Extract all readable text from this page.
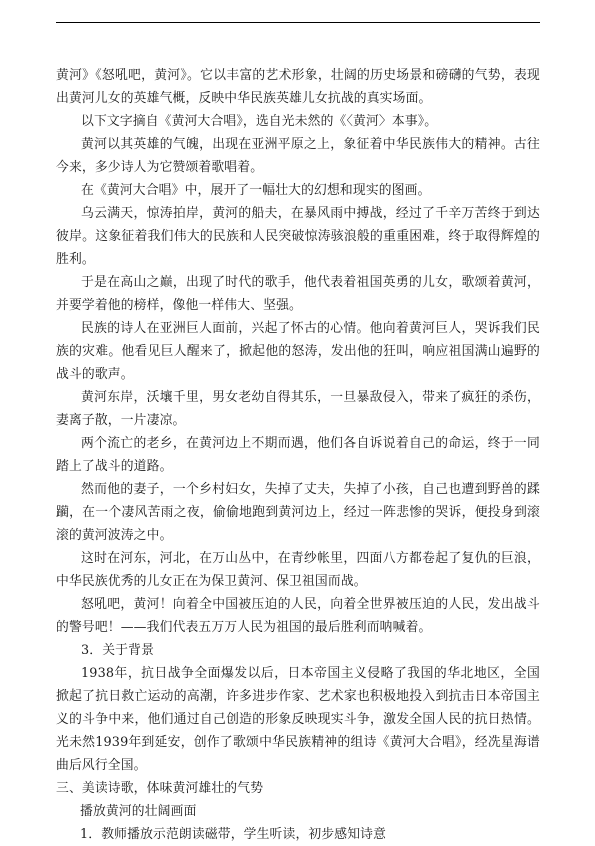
黄河》《怒吼吧，黄河》。它以丰富的艺术形象，壮阔的历史场景和磅礴的气势，表现出黄河儿女的英雄气概，反映中华民族英雄儿女抗战的真实场面。

以下文字摘自《黄河大合唱》，选自光未然的《〈黄河〉本事》。

黄河以其英雄的气魄，出现在亚洲平原之上，象征着中华民族伟大的精神。古往今来，多少诗人为它赞颂着歌唱着。

在《黄河大合唱》中，展开了一幅壮大的幻想和现实的图画。

乌云满天，惊涛拍岸，黄河的船夫，在暴风雨中搏战，经过了千辛万苦终于到达彼岸。这象征着我们伟大的民族和人民突破惊涛骇浪般的重重困难，终于取得辉煌的胜利。

于是在高山之巅，出现了时代的歌手，他代表着祖国英勇的儿女，歌颂着黄河，并要学着他的榜样，像他一样伟大、坚强。

民族的诗人在亚洲巨人面前，兴起了怀古的心情。他向着黄河巨人，哭诉我们民族的灾难。他看见巨人醒来了，掀起他的怒涛，发出他的狂叫，响应祖国满山遍野的战斗的歌声。

黄河东岸，沃壤千里，男女老幼自得其乐，一旦暴敌侵入，带来了疯狂的杀伤，妻离子散，一片凄凉。

两个流亡的老乡，在黄河边上不期而遇，他们各自诉说着自己的命运，终于一同踏上了战斗的道路。

然而他的妻子，一个乡村妇女，失掉了丈夫，失掉了小孩，自己也遭到野兽的蹂躏，在一个凄风苦雨之夜，偷偷地跑到黄河边上，经过一阵悲惨的哭诉，便投身到滚滚的黄河波涛之中。

这时在河东，河北，在万山丛中，在青纱帐里，四面八方都卷起了复仇的巨浪，中华民族优秀的儿女正在为保卫黄河、保卫祖国而战。

怒吼吧，黄河！向着全中国被压迫的人民，向着全世界被压迫的人民，发出战斗的警号吧！——我们代表五万万人民为祖国的最后胜利而呐喊着。

3．关于背景

1938年，抗日战争全面爆发以后，日本帝国主义侵略了我国的华北地区，全国掀起了抗日救亡运动的高潮，许多进步作家、艺术家也积极地投入到抗击日本帝国主义的斗争中来，他们通过自己创造的形象反映现实斗争，激发全国人民的抗日热情。光未然1939年到延安，创作了歌颂中华民族精神的组诗《黄河大合唱》，经冼星海谱曲后风行全国。

三、美读诗歌，体味黄河雄壮的气势

播放黄河的壮阔画面

1．教师播放示范朗读磁带，学生听读，初步感知诗意
